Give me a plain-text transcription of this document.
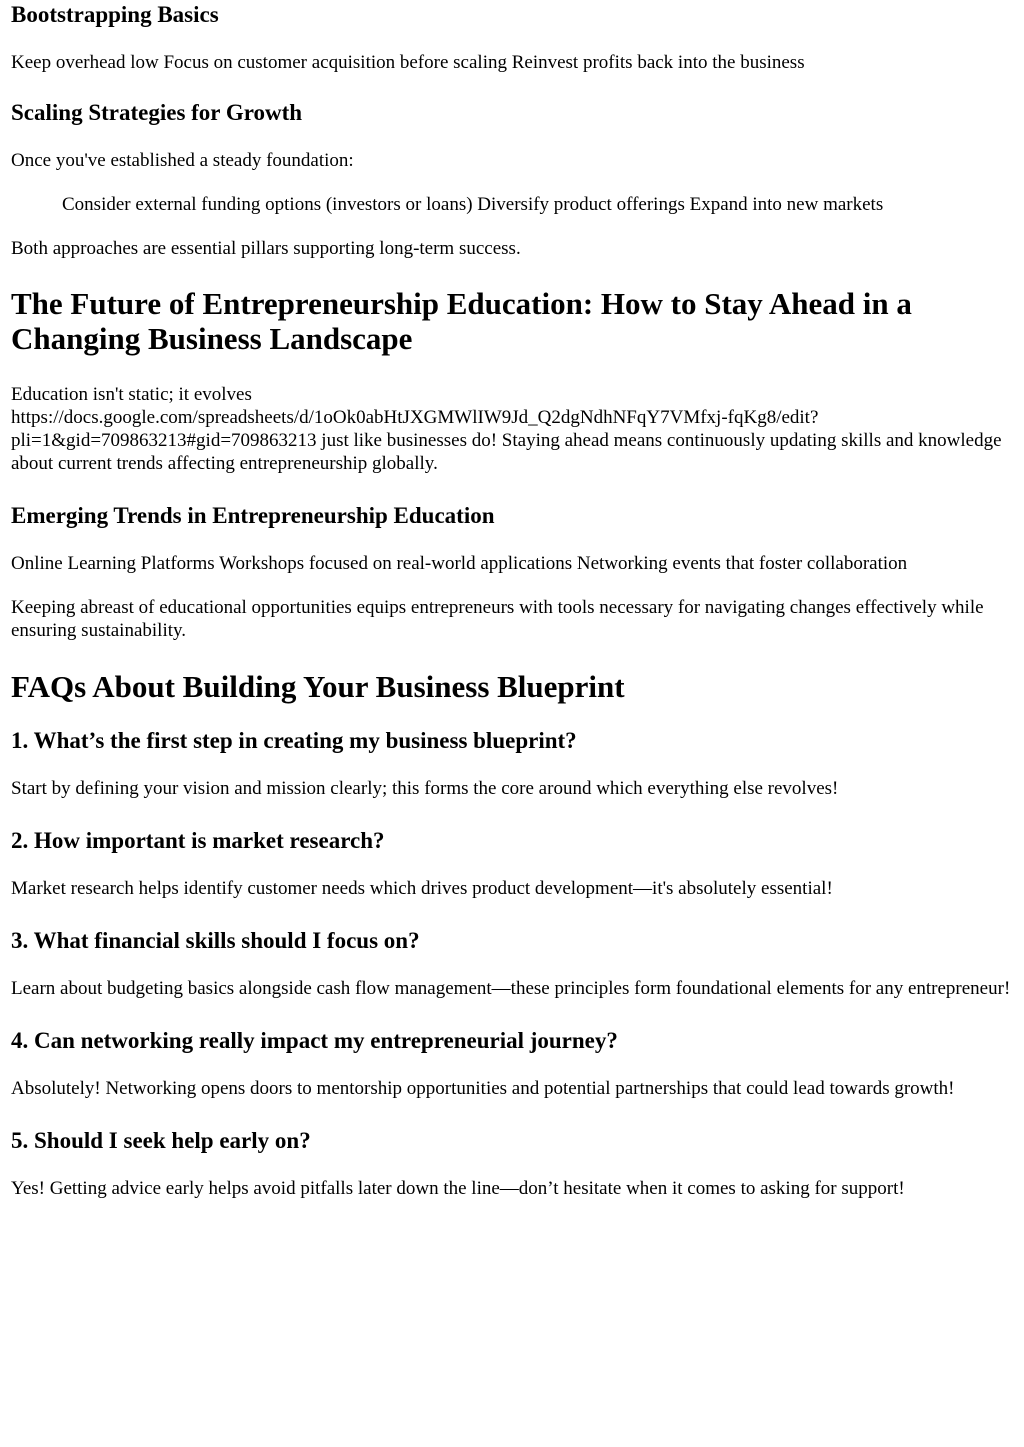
Bootstrapping Basics

Keep overhead low Focus on customer acquisition before scaling Reinvest profits back into the business

Scaling Strategies for Growth

Once you've established a steady foundation:

Consider external funding options (investors or loans) Diversify product offerings Expand into new markets

Both approaches are essential pillars supporting long-term success.

The Future of Entrepreneurship Education: How to Stay Ahead in a Changing Business Landscape

Education isn't static; it evolves
https://docs.google.com/spreadsheets/d/1oOk0abHtJXGMWlIW9Jd_Q2dgNdhNFqY7VMfxj-fqKg8/edit?
pli=1&gid=709863213#gid=709863213 just like businesses do! Staying ahead means continuously updating skills and knowledge about current trends affecting entrepreneurship globally.

Emerging Trends in Entrepreneurship Education

Online Learning Platforms Workshops focused on real-world applications Networking events that foster collaboration

Keeping abreast of educational opportunities equips entrepreneurs with tools necessary for navigating changes effectively while ensuring sustainability.

FAQs About Building Your Business Blueprint
1. What’s the first step in creating my business blueprint?

Start by defining your vision and mission clearly; this forms the core around which everything else revolves!

2. How important is market research?

Market research helps identify customer needs which drives product development—it's absolutely essential!

3. What financial skills should I focus on?

Learn about budgeting basics alongside cash flow management—these principles form foundational elements for any entrepreneur!

4. Can networking really impact my entrepreneurial journey?

Absolutely! Networking opens doors to mentorship opportunities and potential partnerships that could lead towards growth!

5. Should I seek help early on?

Yes! Getting advice early helps avoid pitfalls later down the line—don’t hesitate when it comes to asking for support!
